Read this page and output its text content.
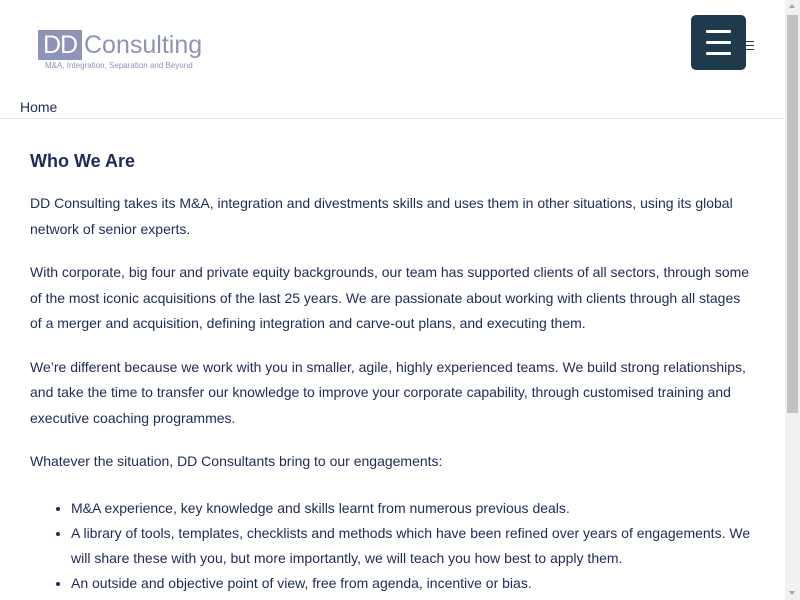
DD Consulting
M&A, Integration, Separation and Beyond
Home
Who We Are

DD Consulting takes its M&A, integration and divestments skills and uses them in other situations, using its global network of senior experts.

With corporate, big four and private equity backgrounds, our team has supported clients of all sectors, through some of the most iconic acquisitions of the last 25 years. We are passionate about working with clients through all stages of a merger and acquisition, defining integration and carve-out plans, and executing them.

We’re different because we work with you in smaller, agile, highly experienced teams. We build strong relationships, and take the time to transfer our knowledge to improve your corporate capability, through customised training and executive coaching programmes.

Whatever the situation, DD Consultants bring to our engagements:

• M&A experience, key knowledge and skills learnt from numerous previous deals.
• A library of tools, templates, checklists and methods which have been refined over years of engagements. We will share these with you, but more importantly, we will teach you how best to apply them.
• An outside and objective point of view, free from agenda, incentive or bias.
